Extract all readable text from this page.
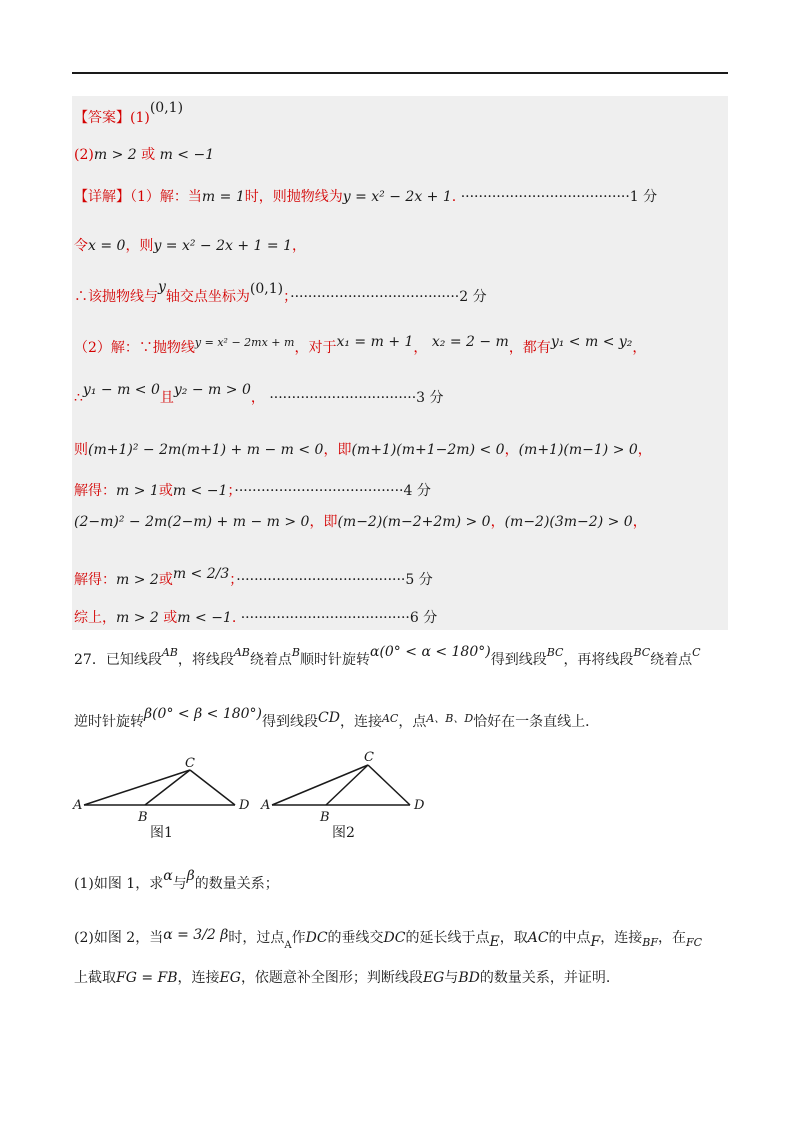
【答案】(1)(0,1)
(2)m > 2 或 m < −1
【详解】（1）解：当m = 1时，则抛物线为y = x² − 2x + 1. ······································1 分
令x = 0，则y = x² − 2x + 1 = 1，
∴该抛物线与y轴交点坐标为(0,1)；······································2 分
（2）解：∵抛物线$^{y = x^2 - 2mx + m}$，对于x₁ = m + 1， x₂ = 2 − m，都有y₁ < m < y₂，
∴y₁ − m < 0且y₂ − m > 0， ·································3 分
则(m+1)² − 2m(m+1) + m − m < 0，即(m+1)(m+1−2m) < 0，(m+1)(m−1) > 0，
解得：m > 1或m < −1；······································4 分
(2−m)² − 2m(2−m) + m − m > 0，即(m−2)(m−2+2m) > 0，(m−2)(3m−2) > 0，
解得：m > 2或m < 2/3；······································5 分
综上，m > 2 或m < −1. ······································6 分
27．已知线段$^{AB}$，将线段$^{AB}$绕着点$^B$顺时针旋转α(0° < α < 180°)得到线段$^{BC}$，再将线段$^{BC}$绕着点$^C$
逆时针旋转β(0° < β < 180°)得到线段CD，连接$^{AC}$，点$^{A、B、D}$恰好在一条直线上．
A
B
C
D
图1
A
B
C
D
图2
(1)如图 1，求α与β的数量关系；
(2)如图 2，当α = 3/2 β时，过点$_A$作DC的垂线交DC的延长线于点E，取AC的中点F，连接$_{BF}$，在$_{FC}$
上截取FG = FB，连接EG，依题意补全图形；判断线段EG与BD的数量关系，并证明.
